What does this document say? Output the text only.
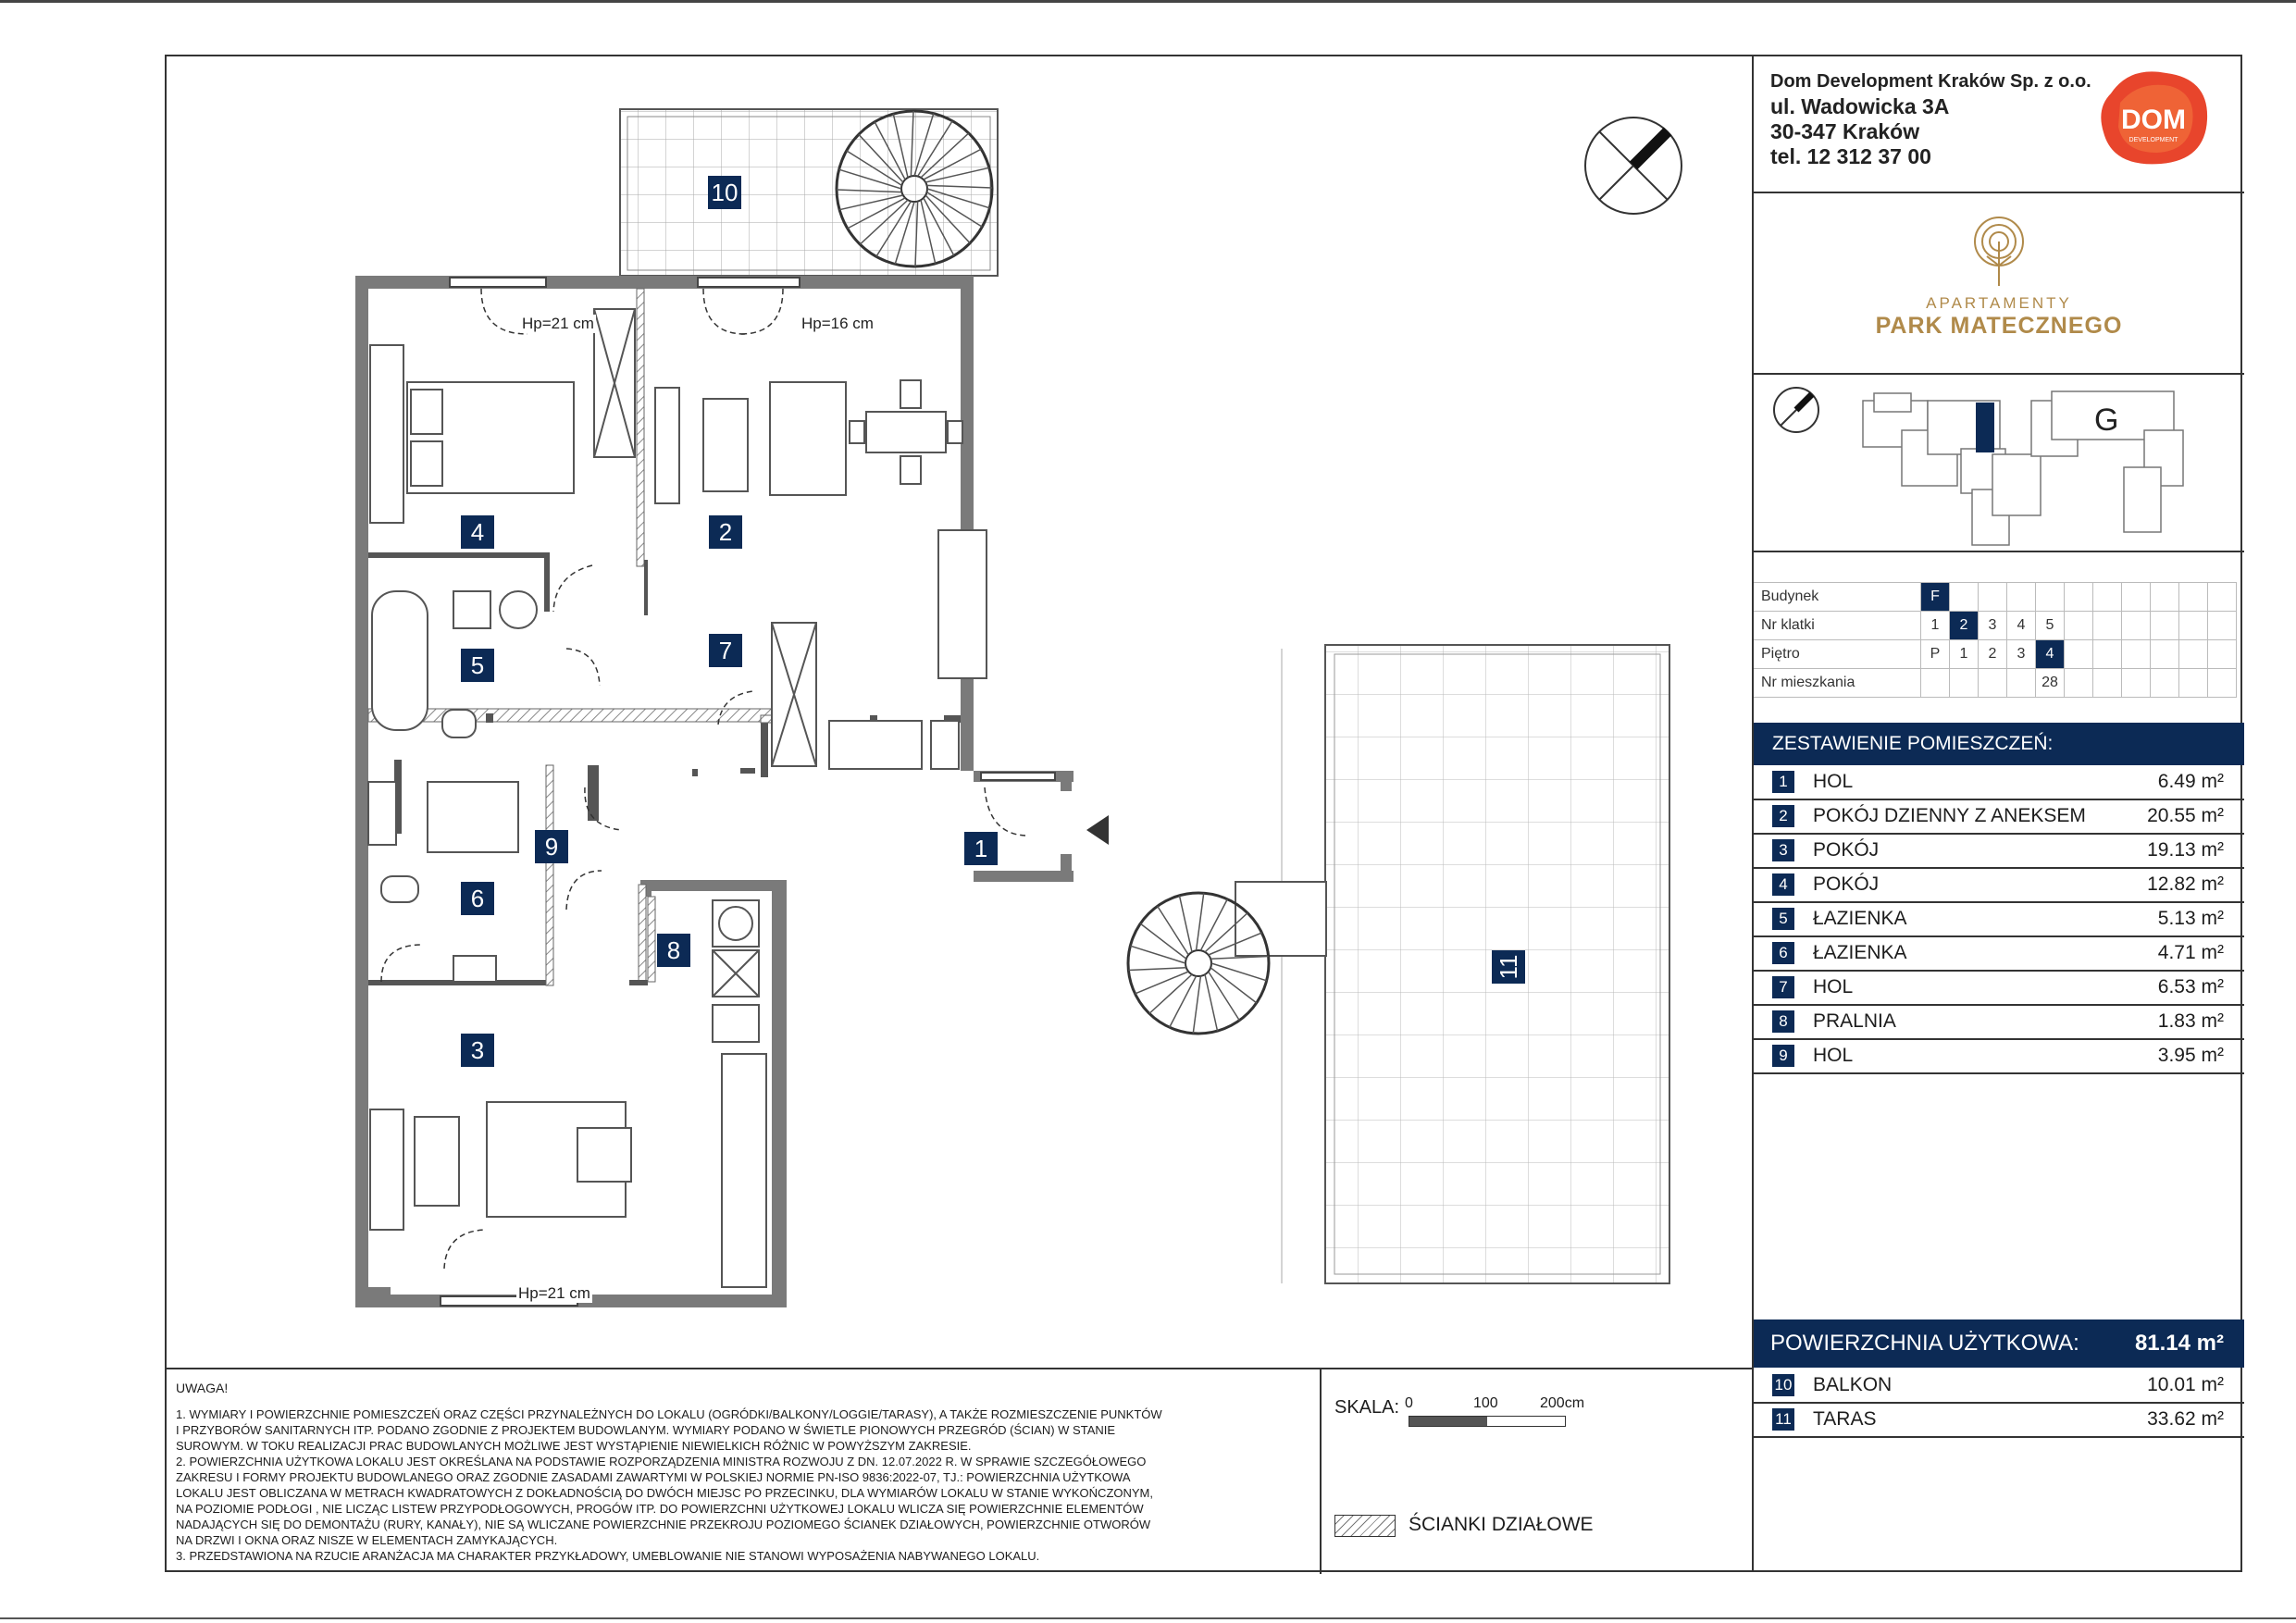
10
2
4
5
7
9	1
6
8
3
11
Hp=21 cm	Hp=16 cm
Hp=21 cm
Dom Development Kraków Sp. z o.o.
ul. Wadowicka 3A
30-347 Kraków
tel. 12 312 37 00
DOM
DEVELOPMENT
APARTAMENTY
PARK MATECZNEGO
G
Budynek	F										
Nr klatki	1	2	3	4	5						
Piętro	P	1	2	3	4						
Nr mieszkania					28						
ZESTAWIENIE POMIESZCZEŃ:
1	HOL	6.49 m²
2	POKÓJ DZIENNY Z ANEKSEM	20.55 m²
3	POKÓJ	19.13 m²
4	POKÓJ	12.82 m²
5	ŁAZIENKA	5.13 m²
6	ŁAZIENKA	4.71 m²
7	HOL	6.53 m²
8	PRALNIA	1.83 m²
9	HOL	3.95 m²
POWIERZCHNIA UŻYTKOWA:	81.14 m²
10 BALKON	10.01 m²
11 TARAS	33.62 m²
UWAGA!
1. WYMIARY I POWIERZCHNIE POMIESZCZEŃ ORAZ CZĘŚCI PRZYNALEŻNYCH DO LOKALU (OGRÓDKI/BALKONY/LOGGIE/TARASY), A TAKŻE ROZMIESZCZENIE PUNKTÓW
I PRZYBORÓW SANITARNYCH ITP. PODANO ZGODNIE Z PROJEKTEM BUDOWLANYM. WYMIARY PODANO W ŚWIETLE PIONOWYCH PRZEGRÓD (ŚCIAN) W STANIE
SUROWYM. W TOKU REALIZACJI PRAC BUDOWLANYCH MOŻLIWE JEST WYSTĄPIENIE NIEWIELKICH RÓŻNIC W POWYŻSZYM ZAKRESIE.
2. POWIERZCHNIA UŻYTKOWA LOKALU JEST OKREŚLANA NA PODSTAWIE ROZPORZĄDZENIA MINISTRA ROZWOJU Z DN. 12.07.2022 R. W SPRAWIE SZCZEGÓŁOWEGO
ZAKRESU I FORMY PROJEKTU BUDOWLANEGO ORAZ ZGODNIE ZASADAMI ZAWARTYMI W POLSKIEJ NORMIE PN-ISO 9836:2022-07, TJ.: POWIERZCHNIA UŻYTKOWA
LOKALU JEST OBLICZANA W METRACH KWADRATOWYCH Z DOKŁADNOŚCIĄ DO DWÓCH MIEJSC PO PRZECINKU, DLA WYMIARÓW LOKALU W STANIE WYKOŃCZONYM,
NA POZIOMIE PODŁOGI , NIE LICZĄC LISTEW PRZYPODŁOGOWYCH, PROGÓW ITP. DO POWIERZCHNI UŻYTKOWEJ LOKALU WLICZA SIĘ POWIERZCHNIE ELEMENTÓW
NADAJĄCYCH SIĘ DO DEMONTAŻU (RURY, KANAŁY), NIE SĄ WLICZANE POWIERZCHNIE PRZEKROJU POZIOMEGO ŚCIANEK DZIAŁOWYCH, POWIERZCHNIE OTWORÓW
NA DRZWI I OKNA ORAZ NISZE W ELEMENTACH ZAMYKAJĄCYCH.
3. PRZEDSTAWIONA NA RZUCIE ARANŻACJA MA CHARAKTER PRZYKŁADOWY, UMEBLOWANIE NIE STANOWI WYPOSAŻENIA NABYWANEGO LOKALU.
SKALA: 0	100	200cm
ŚCIANKI DZIAŁOWE
